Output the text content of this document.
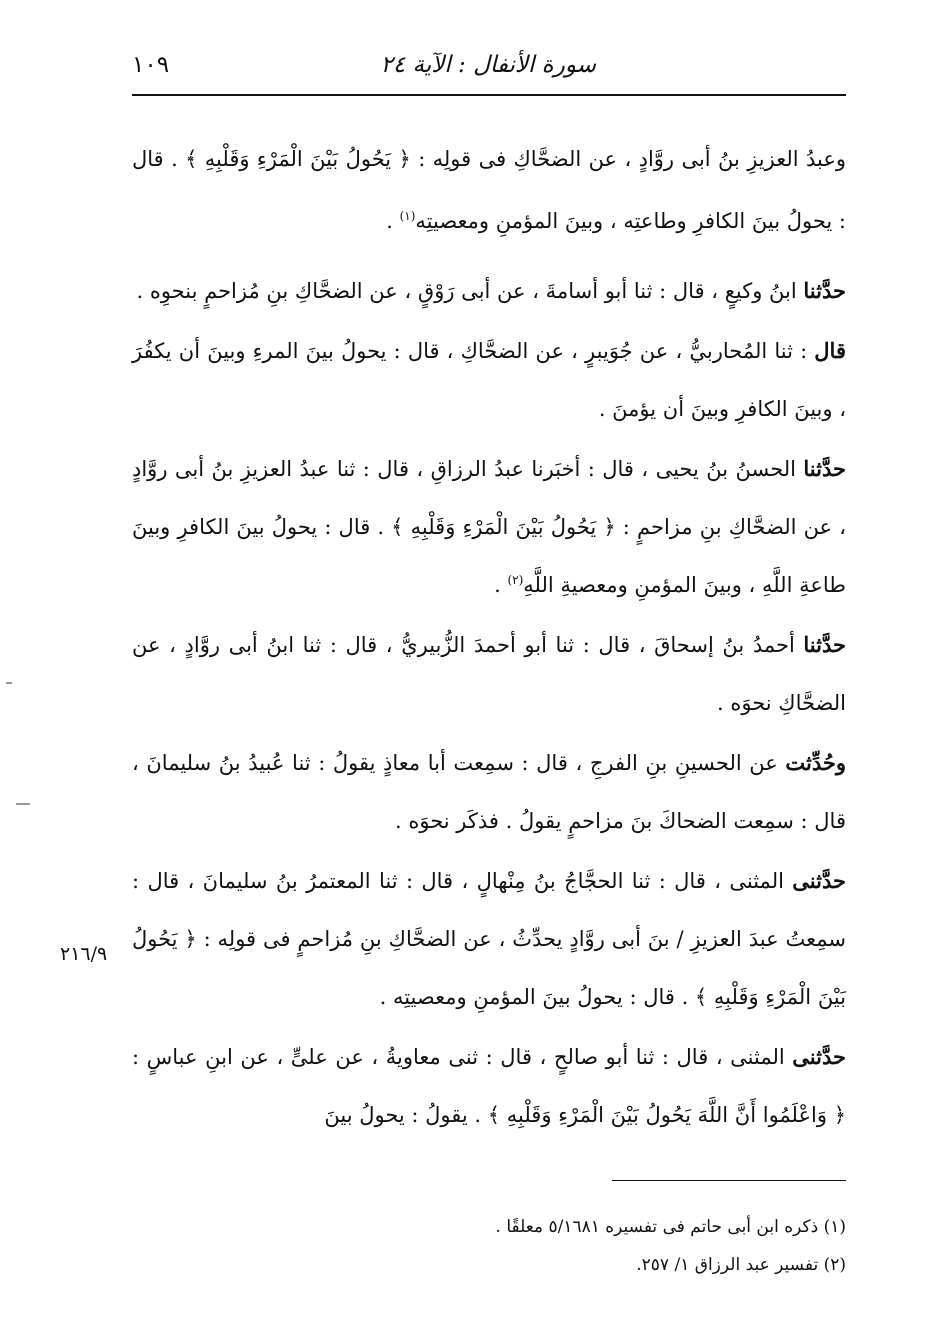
سورة الأنفال : الآية ٢٤
١٠٩

وعبدُ العزيزِ بنُ أبى روَّادٍ ، عن الضحَّاكِ فى قولِه : ﴿ يَحُولُ بَيْنَ الْمَرْءِ وَقَلْبِهِ ﴾ . قال : يحولُ بينَ الكافرِ وطاعتِه ، وبينَ المؤمنِ ومعصيتِه$^{(١)}$ .

حدَّثنا ابنُ وكيعٍ ، قال : ثنا أبو أسامةَ ، عن أبى رَوْقٍ ، عن الضحَّاكِ بنِ مُزاحمٍ بنحوِه .

قال : ثنا المُحاربيُّ ، عن جُوَيبرٍ ، عن الضحَّاكِ ، قال : يحولُ بينَ المرءِ وبينَ أن يكفُرَ ، وبينَ الكافرِ وبينَ أن يؤمنَ .

حدَّثنا الحسنُ بنُ يحيى ، قال : أخبَرنا عبدُ الرزاقِ ، قال : ثنا عبدُ العزيزِ بنُ أبى روَّادٍ ، عن الضحَّاكِ بنِ مزاحمٍ : ﴿ يَحُولُ بَيْنَ الْمَرْءِ وَقَلْبِهِ ﴾ . قال : يحولُ بينَ الكافرِ وبينَ طاعةِ اللَّهِ ، وبينَ المؤمنِ ومعصيةِ اللَّهِ$^{(٢)}$ .

حدَّثنا أحمدُ بنُ إسحاقَ ، قال : ثنا أبو أحمدَ الزُّبيريُّ ، قال : ثنا ابنُ أبى روَّادٍ ، عن الضحَّاكِ نحوَه .

وحُدِّثت عن الحسينِ بنِ الفرجِ ، قال : سمِعت أبا معاذٍ يقولُ : ثنا عُبيدُ بنُ سليمانَ ، قال : سمِعت الضحاكَ بنَ مزاحمٍ يقولُ . فذكَر نحوَه .

حدَّثنى المثنى ، قال : ثنا الحجَّاجُ بنُ مِنْهالٍ ، قال : ثنا المعتمرُ بنُ سليمانَ ، قال : سمِعتُ عبدَ العزيزِ / بنَ أبى روَّادٍ يحدِّثُ ، عن الضحَّاكِ بنِ مُزاحمٍ فى قولِه : ﴿ يَحُولُ بَيْنَ الْمَرْءِ وَقَلْبِهِ ﴾ . قال : يحولُ بينَ المؤمنِ ومعصيتِه .

حدَّثنى المثنى ، قال : ثنا أبو صالحٍ ، قال : ثنى معاويةُ ، عن علىٍّ ، عن ابنِ عباسٍ : ﴿ وَاعْلَمُوا أَنَّ اللَّهَ يَحُولُ بَيْنَ الْمَرْءِ وَقَلْبِهِ ﴾ . يقولُ : يحولُ بينَ

٢١٦/٩
(١) ذكره ابن أبى حاتم فى تفسيره ٥/١٦٨١ معلقًا .
(٢) تفسير عبد الرزاق ١/ ٢٥٧.
